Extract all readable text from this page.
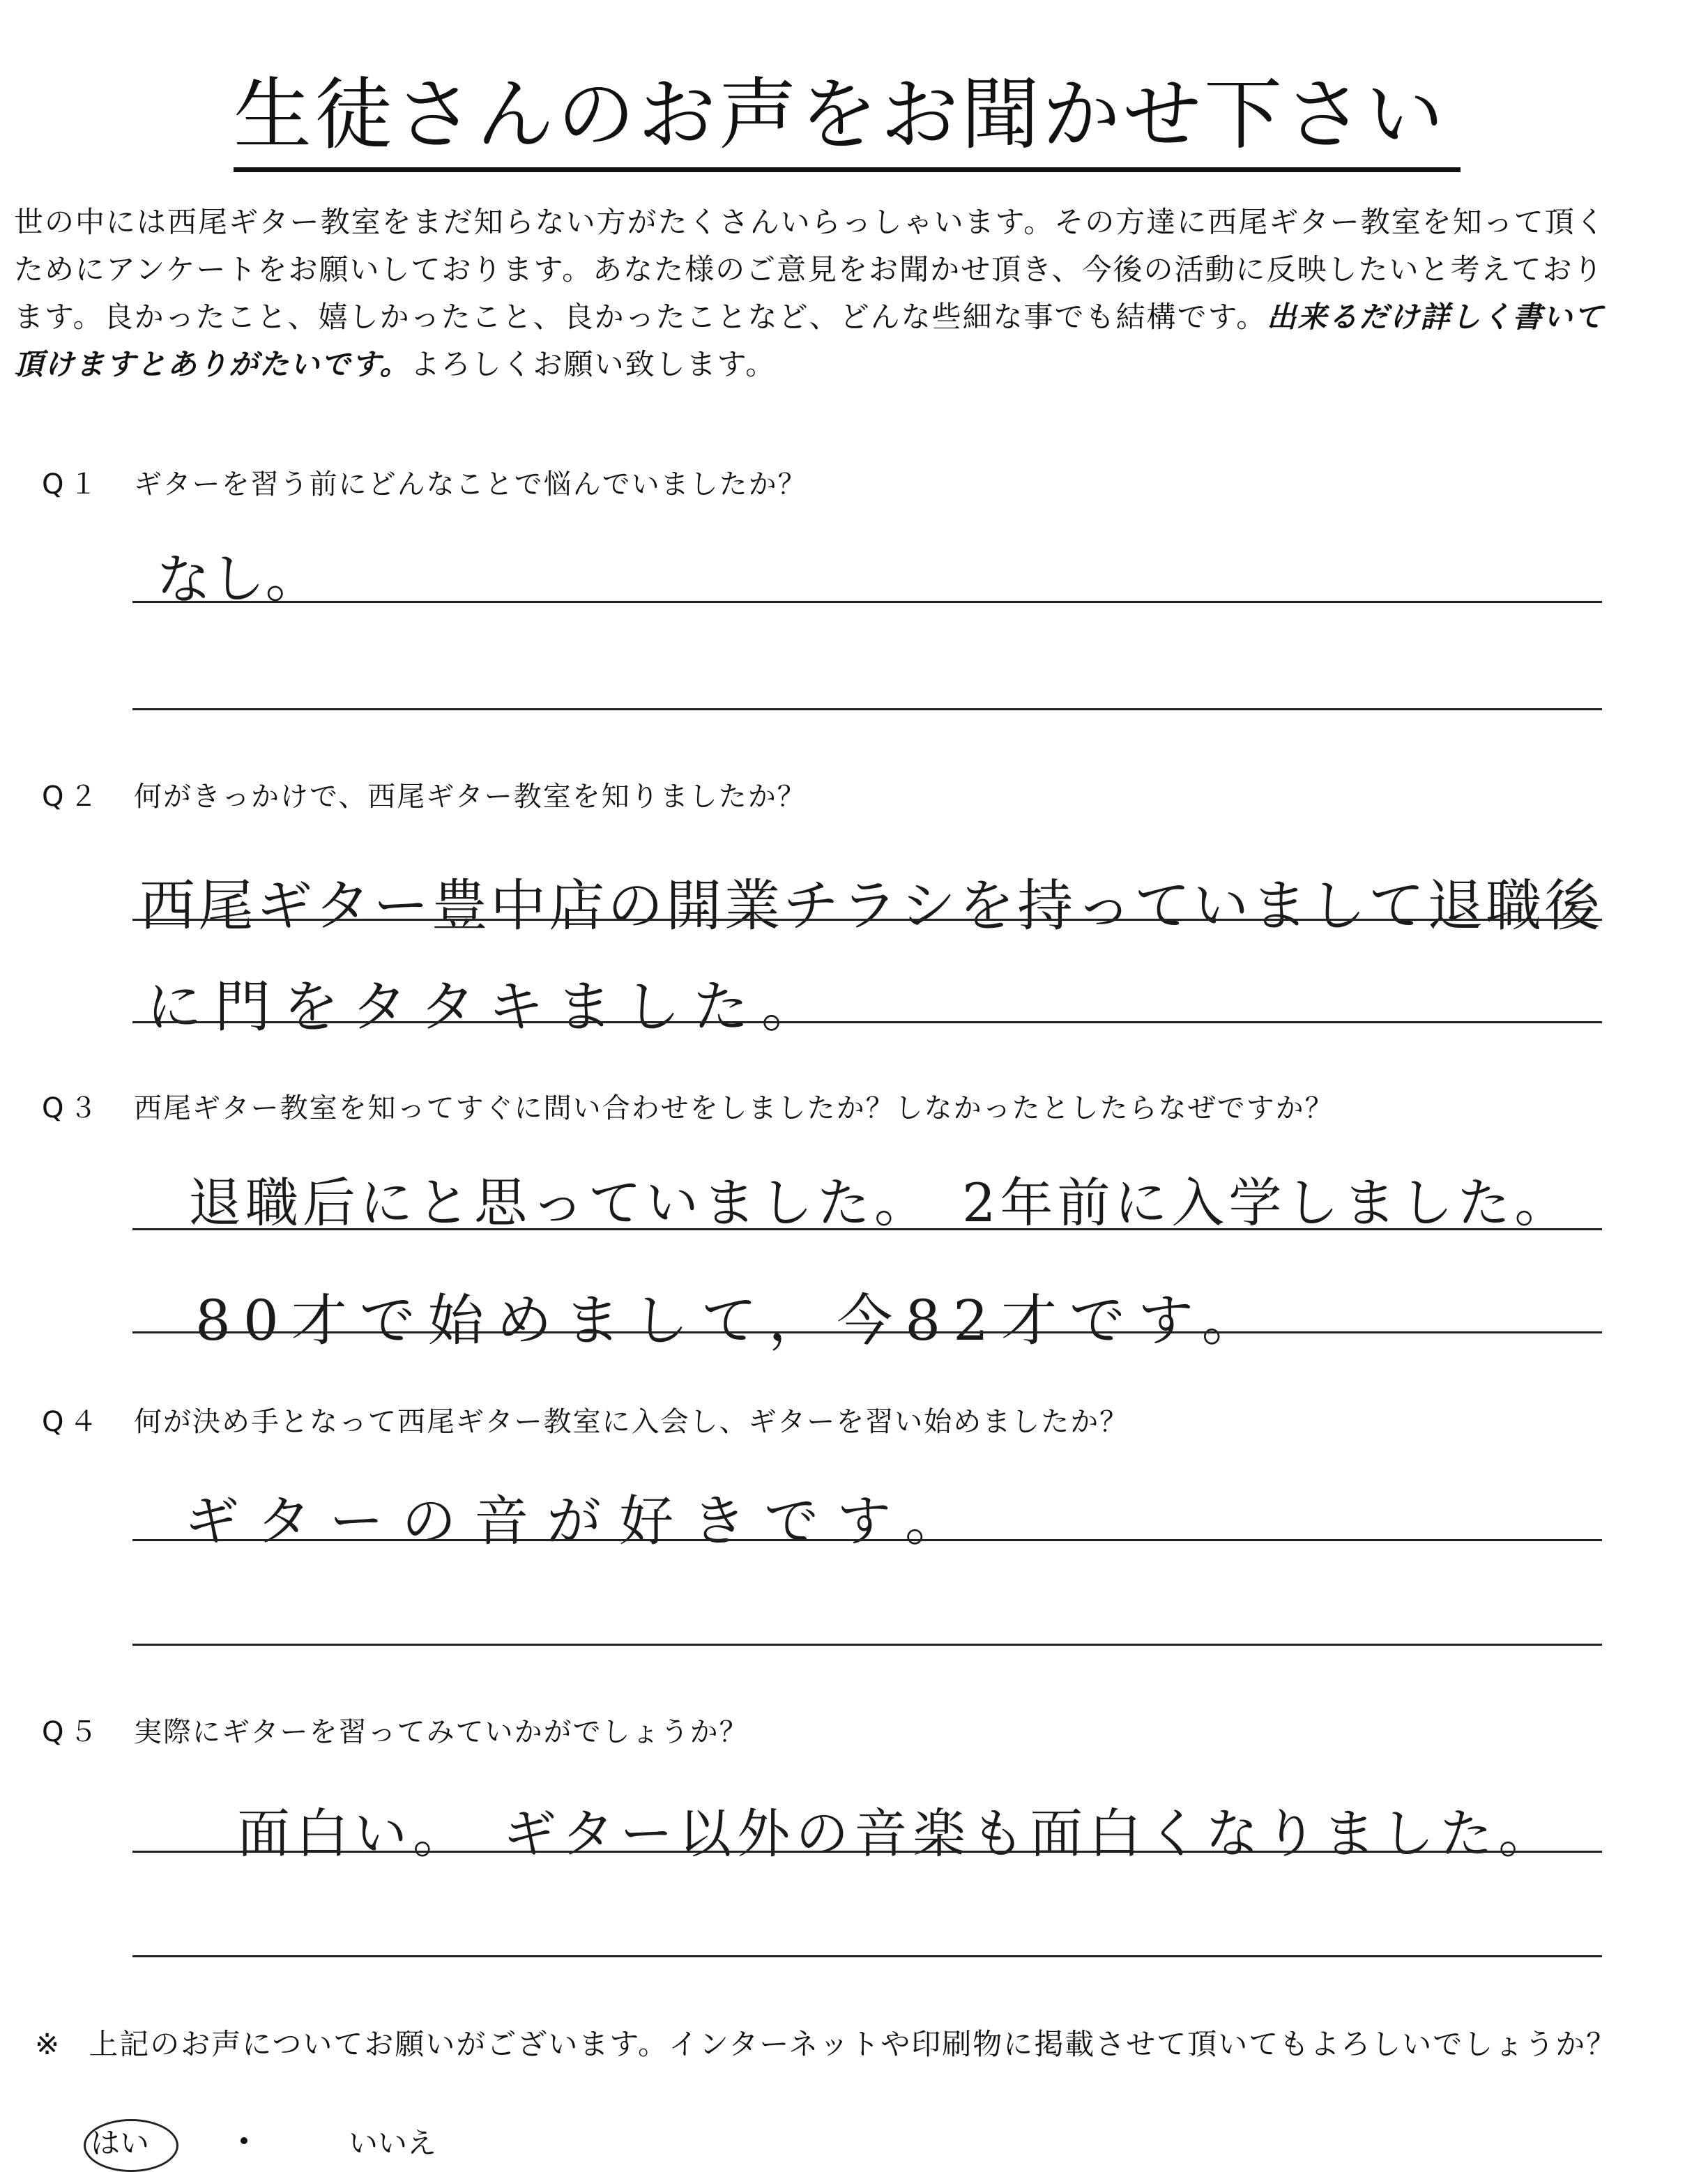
生徒さんのお声をお聞かせ下さい
世の中には西尾ギター教室をまだ知らない方がたくさんいらっしゃいます。その方達に西尾ギター教室を知って頂く
ためにアンケートをお願いしております。あなた様のご意見をお聞かせ頂き、今後の活動に反映したいと考えており
ます。良かったこと、嬉しかったこと、良かったことなど、どんな些細な事でも結構です。出来るだけ詳しく書いて
頂けますとありがたいです。よろしくお願い致します。
Q１ ギターを習う前にどんなことで悩んでいましたか？
なし。
Q２ 何がきっかけで、西尾ギター教室を知りましたか？
西尾ギター豊中店の開業チラシを持っていまして退職後
に門をタタキました。
Q３ 西尾ギター教室を知ってすぐに問い合わせをしましたか？しなかったとしたらなぜですか？
退職后にと思っていました。　2年前に入学しました。
80才で始めまして，今82才です。
Q４ 何が決め手となって西尾ギター教室に入会し、ギターを習い始めましたか？
ギターの音が好きです。
Q５ 実際にギターを習ってみていかがでしょうか？
面白い。　ギター以外の音楽も面白くなりました。
※ 上記のお声についてお願いがございます。インターネットや印刷物に掲載させて頂いてもよろしいでしょうか？
はい	いいえ
